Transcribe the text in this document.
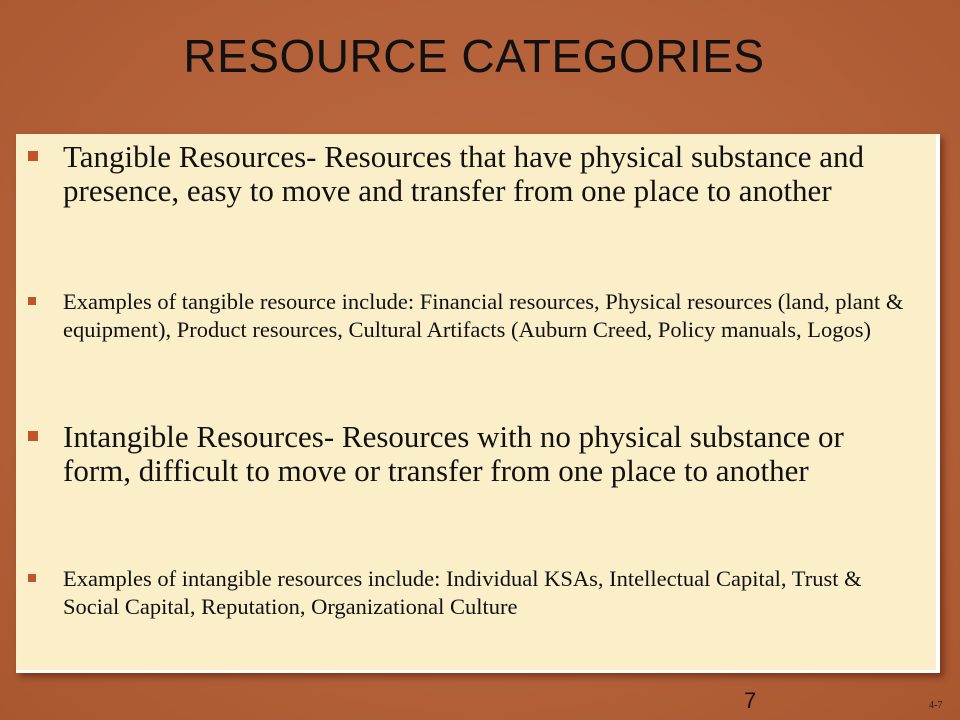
RESOURCE CATEGORIES
Tangible Resources- Resources that have physical substance and presence, easy to move and transfer from one place to another
Examples of tangible resource include: Financial resources, Physical resources (land, plant & equipment), Product resources, Cultural Artifacts (Auburn Creed, Policy manuals, Logos)
Intangible Resources- Resources with no physical substance or form, difficult to move or transfer from one place to another
Examples of intangible resources include: Individual KSAs, Intellectual Capital, Trust & Social Capital, Reputation, Organizational Culture
7	4-7
